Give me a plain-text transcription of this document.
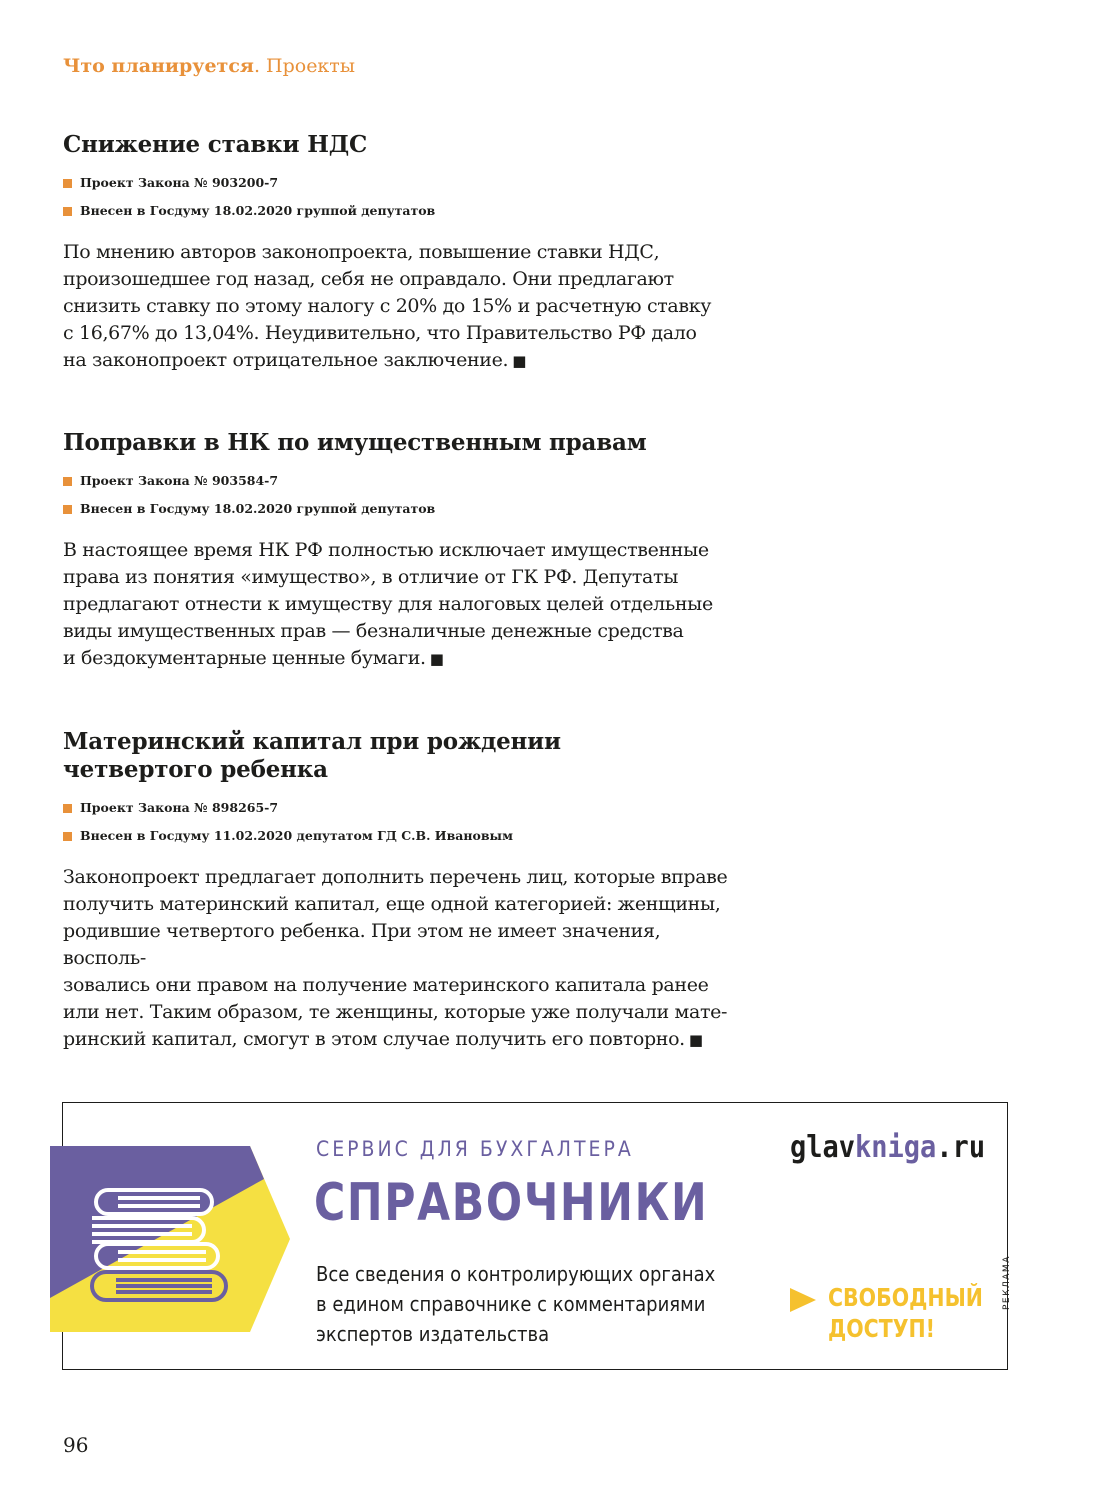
Что планируется. Проекты
Снижение ставки НДС
Проект Закона № 903200-7
Внесен в Госдуму 18.02.2020 группой депутатов

По мнению авторов законопроекта, повышение ставки НДС,
произошедшее год назад, себя не оправдало. Они предлагают
снизить ставку по этому налогу с 20% до 15% и расчетную ставку
с 16,67% до 13,04%. Неудивительно, что Правительство РФ дало
на законопроект отрицательное заключение. ■

Поправки в НК по имущественным правам
Проект Закона № 903584-7
Внесен в Госдуму 18.02.2020 группой депутатов

В настоящее время НК РФ полностью исключает имущественные
права из понятия «имущество», в отличие от ГК РФ. Депутаты
предлагают отнести к имуществу для налоговых целей отдельные
виды имущественных прав — безналичные денежные средства
и бездокументарные ценные бумаги. ■

Материнский капитал при рождении
четвертого ребенка
Проект Закона № 898265-7
Внесен в Госдуму 11.02.2020 депутатом ГД С.В. Ивановым

Законопроект предлагает дополнить перечень лиц, которые вправе
получить материнский капитал, еще одной категорией: женщины,
родившие четвертого ребенка. При этом не имеет значения, восполь-
зовались они правом на получение материнского капитала ранее
или нет. Таким образом, те женщины, которые уже получали мате-
ринский капитал, смогут в этом случае получить его повторно. ■

СЕРВИС ДЛЯ БУХГАЛТЕРА
СПРАВОЧНИКИ
Все сведения о контролирующих органах
в едином справочнике с комментариями
экспертов издательства
glavkniga.ru
СВОБОДНЫЙ
ДОСТУП!
РЕКЛАМА
96
